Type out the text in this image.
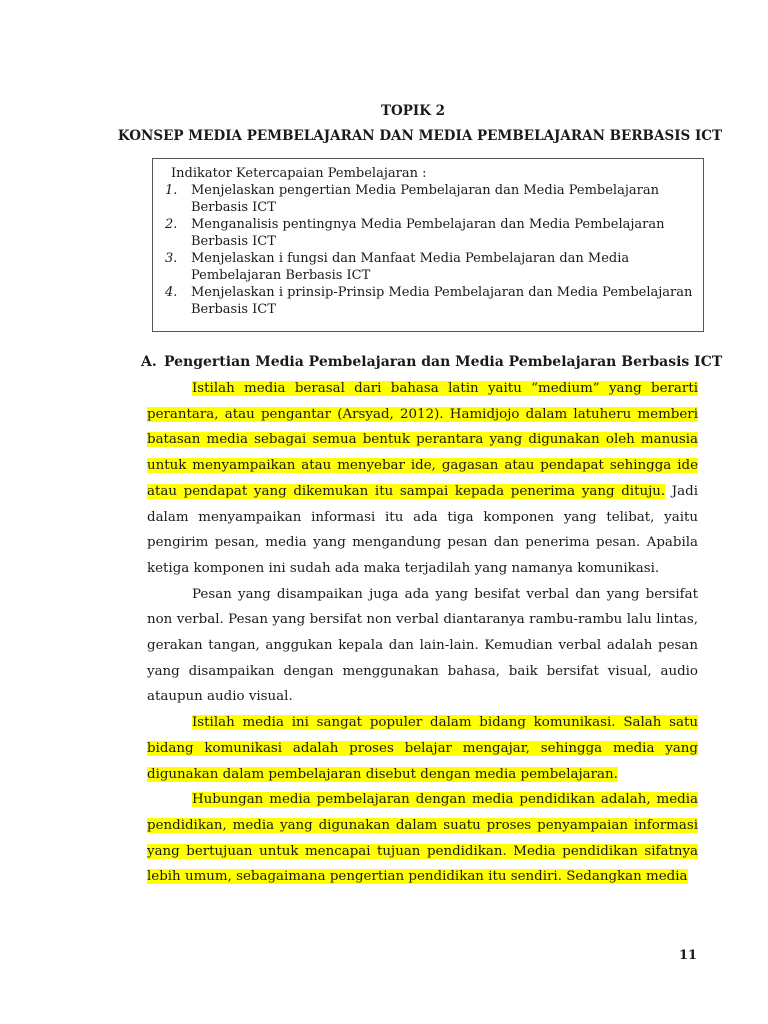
TOPIK 2
KONSEP MEDIA PEMBELAJARAN DAN MEDIA PEMBELAJARAN BERBASIS ICT
Indikator Ketercapaian Pembelajaran :
1. Menjelaskan pengertian Media Pembelajaran dan Media Pembelajaran Berbasis ICT
2. Menganalisis pentingnya Media Pembelajaran dan Media Pembelajaran Berbasis ICT
3. Menjelaskan i fungsi dan Manfaat Media Pembelajaran dan Media Pembelajaran Berbasis ICT
4. Menjelaskan i prinsip-Prinsip Media Pembelajaran dan Media Pembelajaran Berbasis ICT
A. Pengertian Media Pembelajaran dan Media Pembelajaran Berbasis ICT

Istilah media berasal dari bahasa latin yaitu “medium” yang berarti perantara, atau pengantar (Arsyad, 2012). Hamidjojo dalam latuheru memberi batasan media sebagai semua bentuk perantara yang digunakan oleh manusia untuk menyampaikan atau menyebar ide, gagasan atau pendapat sehingga ide atau pendapat yang dikemukan itu sampai kepada penerima yang dituju. Jadi dalam menyampaikan informasi itu ada tiga komponen yang telibat, yaitu pengirim pesan, media yang mengandung pesan dan penerima pesan. Apabila ketiga komponen ini sudah ada maka terjadilah yang namanya komunikasi.

Pesan yang disampaikan juga ada yang besifat verbal dan yang bersifat non verbal. Pesan yang bersifat non verbal diantaranya rambu-rambu lalu lintas, gerakan tangan, anggukan kepala dan lain-lain. Kemudian verbal adalah pesan yang disampaikan dengan menggunakan bahasa, baik bersifat visual, audio ataupun audio visual.

Istilah media ini sangat populer dalam bidang komunikasi. Salah satu bidang komunikasi adalah proses belajar mengajar, sehingga media yang digunakan dalam pembelajaran disebut dengan media pembelajaran.

Hubungan media pembelajaran dengan media pendidikan adalah, media pendidikan, media yang digunakan dalam suatu proses penyampaian informasi yang bertujuan untuk mencapai tujuan pendidikan. Media pendidikan sifatnya lebih umum, sebagaimana pengertian pendidikan itu sendiri. Sedangkan media

11
